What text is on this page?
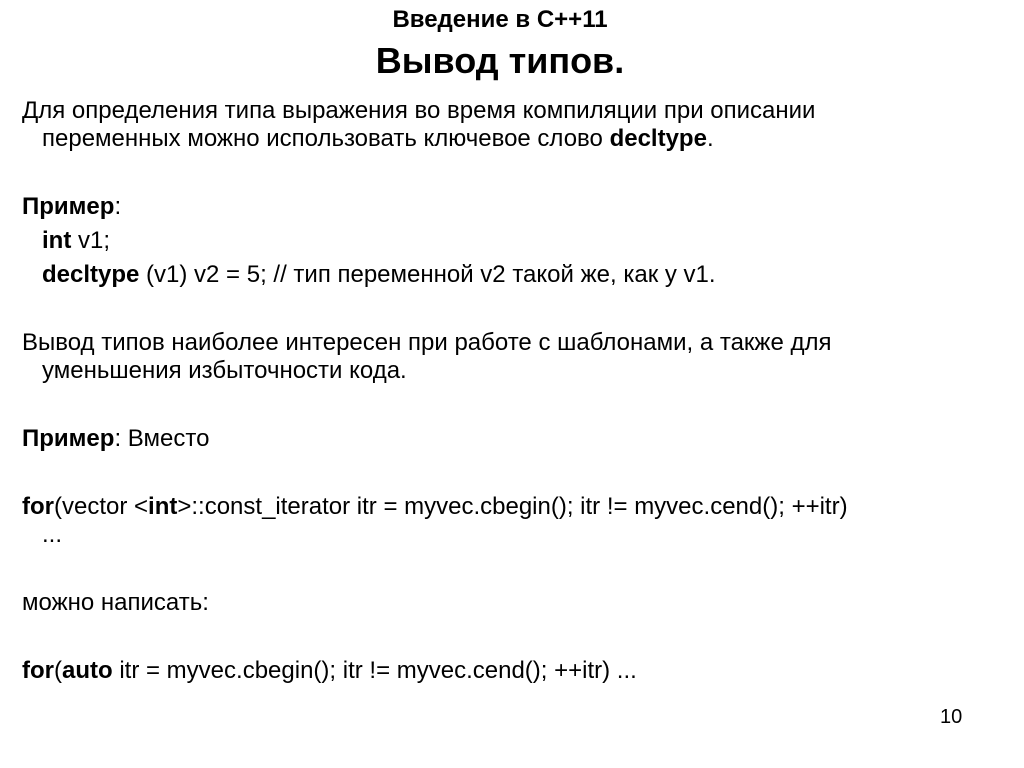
Введение в С++11
Вывод типов.
Для определения типа выражения во время компиляции при описании
переменных можно использовать ключевое слово decltype.
Пример:
int v1;
decltype (v1) v2 = 5; // тип переменной v2 такой же, как у v1.
Вывод типов наиболее интересен при работе с шаблонами, а также для
уменьшения избыточности кода.
Пример: Вместо
for(vector <int>::const_iterator itr = myvec.cbegin(); itr != myvec.cend(); ++itr)
...
можно написать:
for(auto itr = myvec.cbegin(); itr != myvec.cend(); ++itr) ...
10
